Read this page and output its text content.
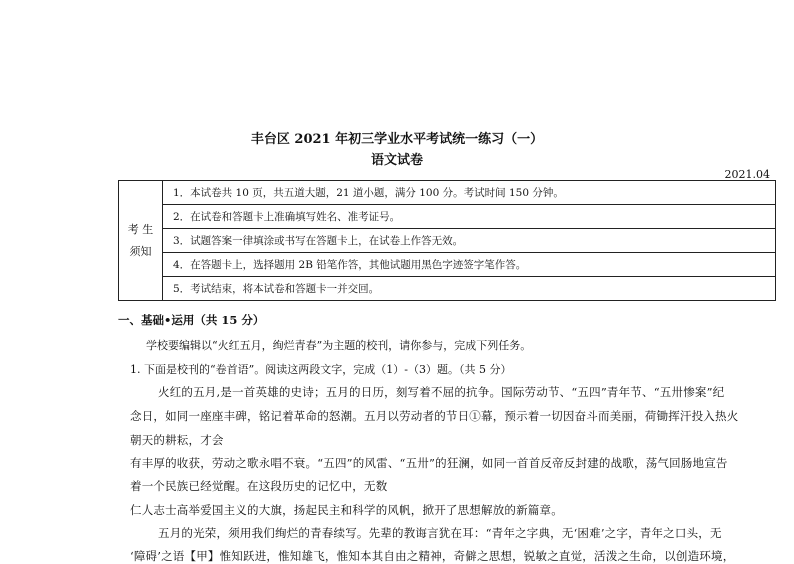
丰台区 2021 年初三学业水平考试统一练习（一）
语文试卷
2021.04
考 生
须知
1．本试卷共 10 页，共五道大题，21 道小题，满分 100 分。考试时间 150 分钟。
2．在试卷和答题卡上准确填写姓名、准考证号。
3．试题答案一律填涂或书写在答题卡上，在试卷上作答无效。
4．在答题卡上，选择题用 2B 铅笔作答，其他试题用黑色字迹签字笔作答。
5．考试结束，将本试卷和答题卡一并交回。
一、基础•运用（共 15 分）
学校要编辑以“火红五月，绚烂青春”为主题的校刊，请你参与，完成下列任务。
1. 下面是校刊的“卷首语”。阅读这两段文字，完成（1）-（3）题。（共 5 分）
火红的五月,是一首英雄的史诗；五月的日历，刻写着不屈的抗争。国际劳动节、“五四”青年节、“五卅惨案”纪
念日，如同一座座丰碑，铭记着革命的怒潮。五月以劳动者的节日①幕，预示着一切因奋斗而美丽，荷锄挥汗投入热火
朝天的耕耘，才会
有丰厚的收获，劳动之歌永唱不衰。“五四”的风雷、“五卅”的狂澜，如同一首首反帝反封建的战歌，荡气回肠地宣告
着一个民族已经觉醒。在这段历史的记忆中，无数
仁人志士高举爱国主义的大旗，扬起民主和科学的风帆，掀开了思想解放的新篇章。
五月的光荣，须用我们绚烂的青春续写。先辈的教诲言犹在耳：“青年之字典，无‘困难’之字，青年之口头，无
‘障碍’之语【甲】惟知跃进，惟知雄飞，惟知本其自由之精神，奇僻之思想，锐敏之直觉，活泼之生命，以创造环境，
